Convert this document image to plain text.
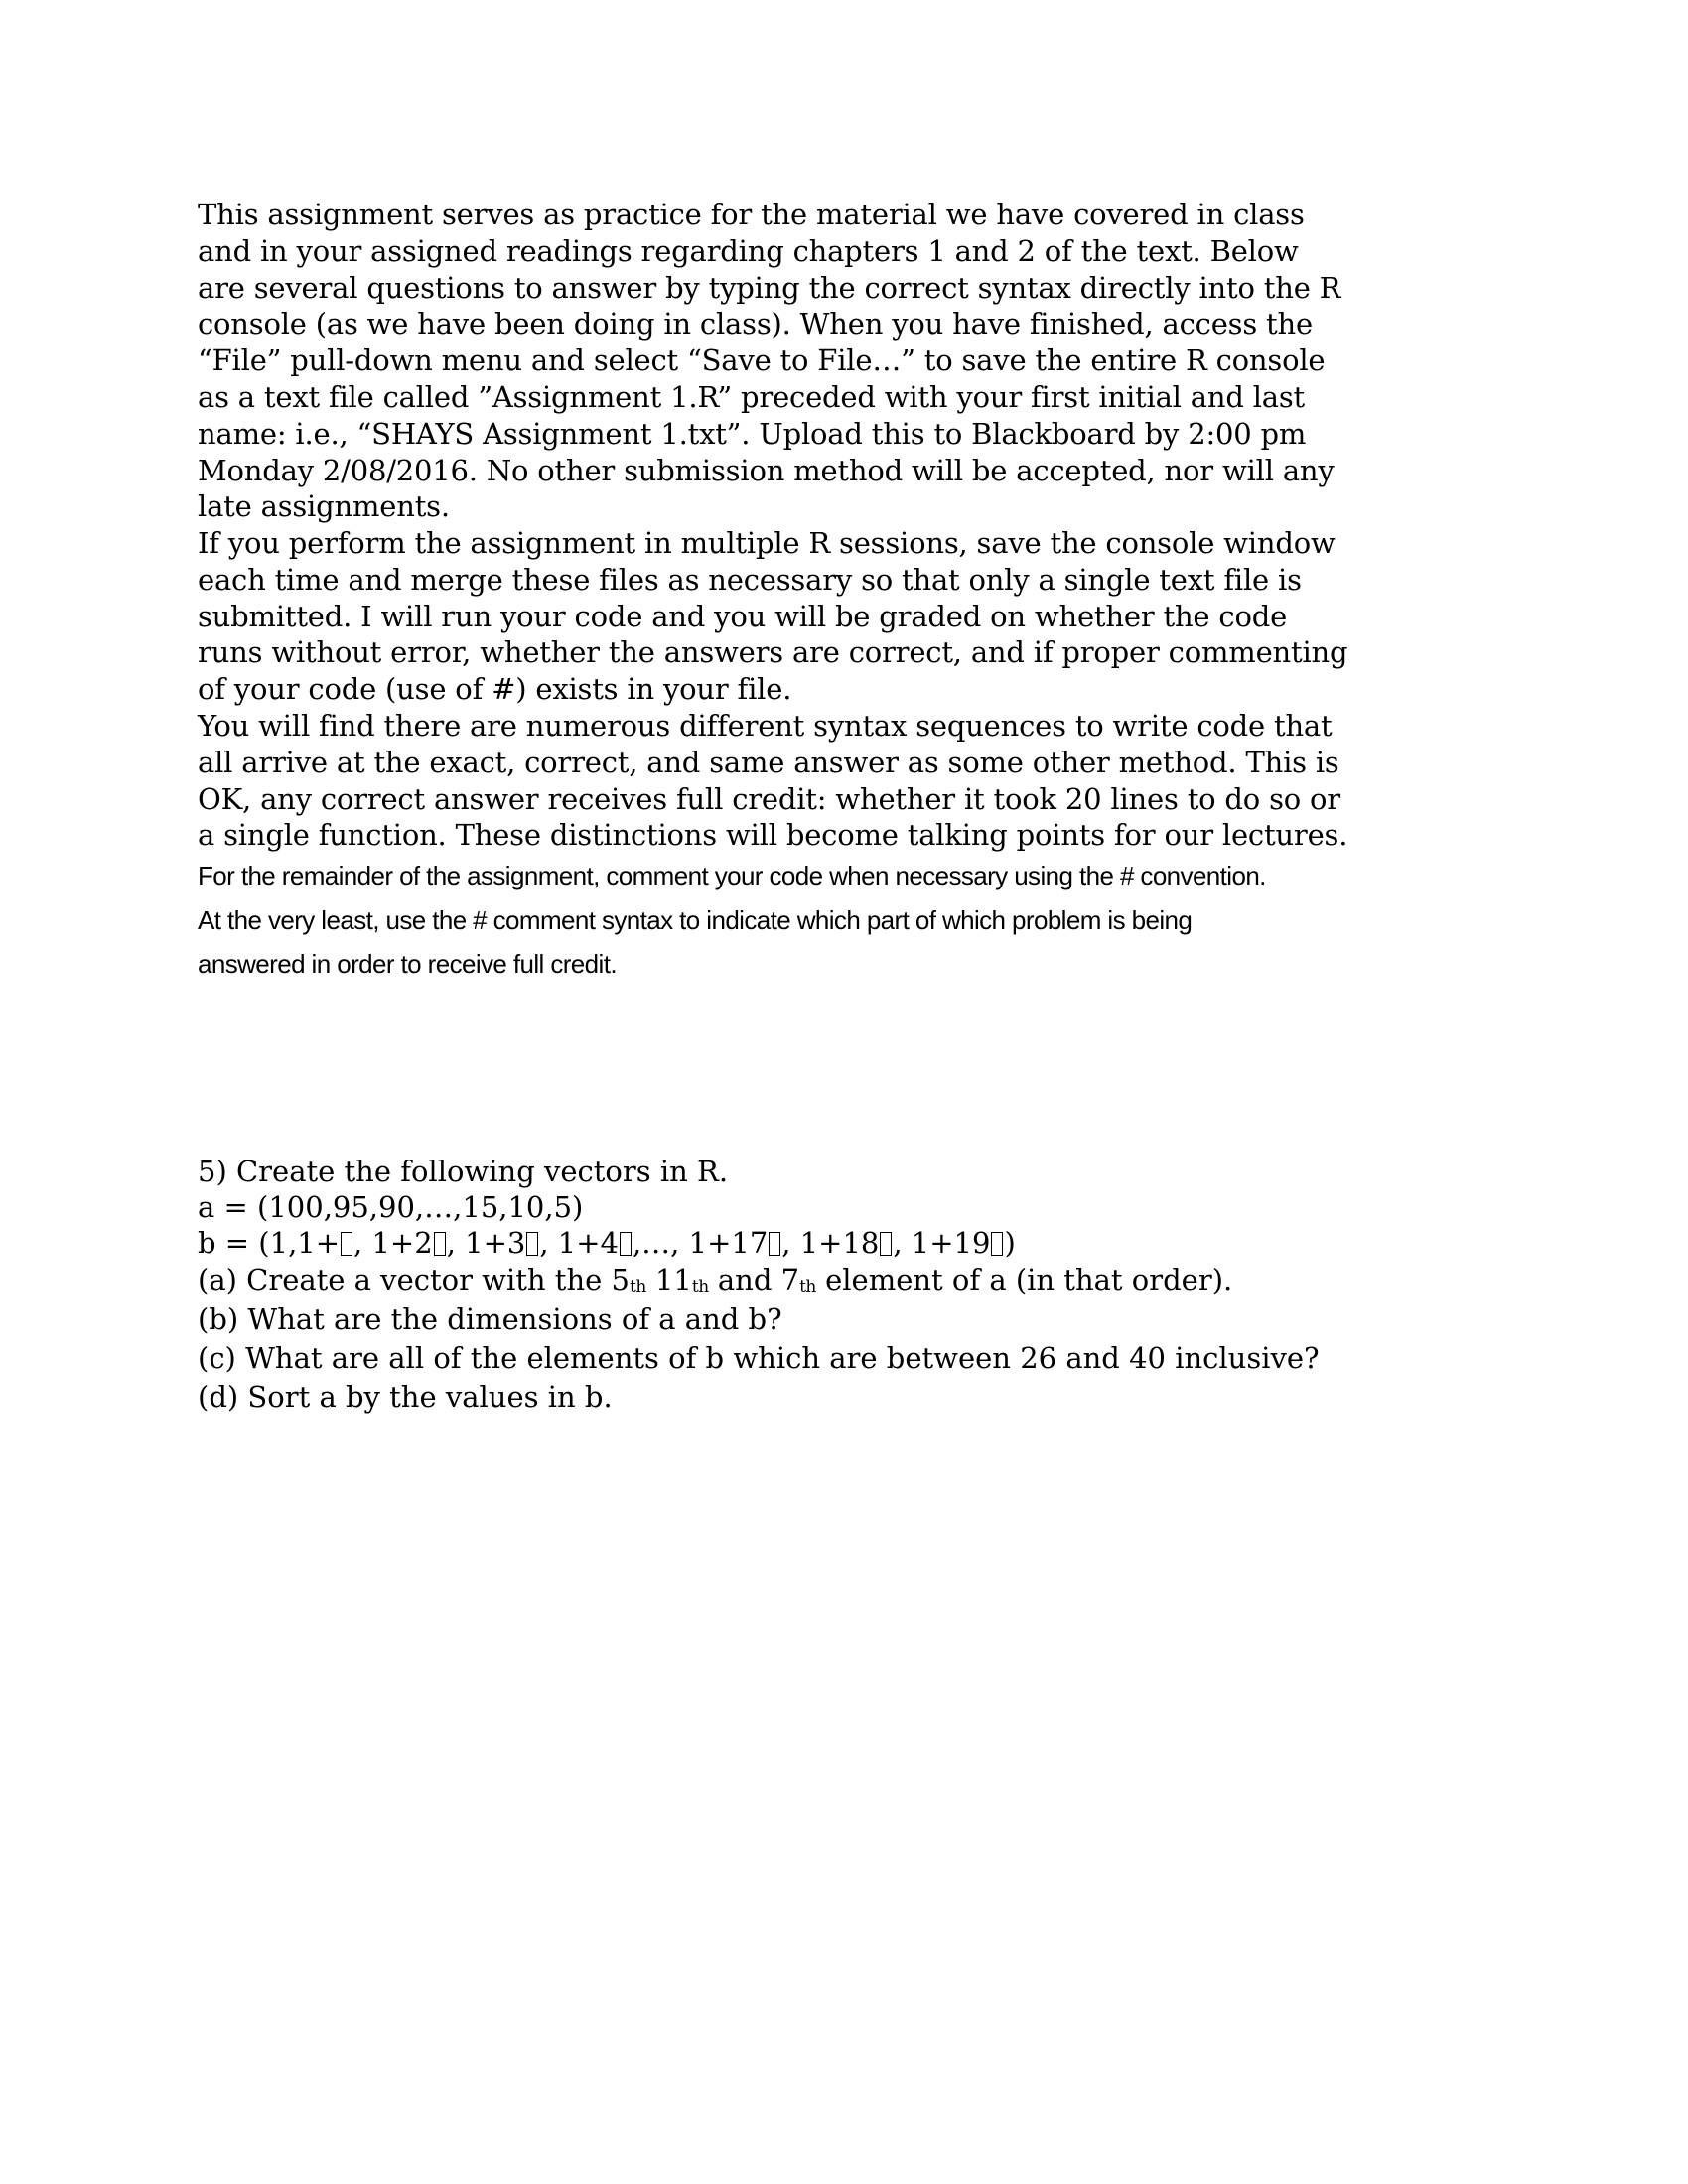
This assignment serves as practice for the material we have covered in class
and in your assigned readings regarding chapters 1 and 2 of the text. Below
are several questions to answer by typing the correct syntax directly into the R
console (as we have been doing in class). When you have finished, access the
“File” pull-down menu and select “Save to File…” to save the entire R console
as a text file called ”Assignment 1.R” preceded with your first initial and last
name: i.e., “SHAYS Assignment 1.txt”. Upload this to Blackboard by 2:00 pm
Monday 2/08/2016. No other submission method will be accepted, nor will any
late assignments.
If you perform the assignment in multiple R sessions, save the console window
each time and merge these files as necessary so that only a single text file is
submitted. I will run your code and you will be graded on whether the code
runs without error, whether the answers are correct, and if proper commenting
of your code (use of #) exists in your file.
You will find there are numerous different syntax sequences to write code that
all arrive at the exact, correct, and same answer as some other method. This is
OK, any correct answer receives full credit: whether it took 20 lines to do so or
a single function. These distinctions will become talking points for our lectures.
For the remainder of the assignment, comment your code when necessary using the # convention.
At the very least, use the # comment syntax to indicate which part of which problem is being
answered in order to receive full credit.
5) Create the following vectors in R.
a = (100,95,90,…,15,10,5)
b = (1,1+ , 1+2 , 1+3 , 1+4 ,…, 1+17 , 1+18 , 1+19 )
(a) Create a vector with the $5_{th}$ $11_{th}$ and $7_{th}$ element of a (in that order).
(b) What are the dimensions of a and b?
(c) What are all of the elements of b which are between 26 and 40 inclusive?
(d) Sort a by the values in b.
